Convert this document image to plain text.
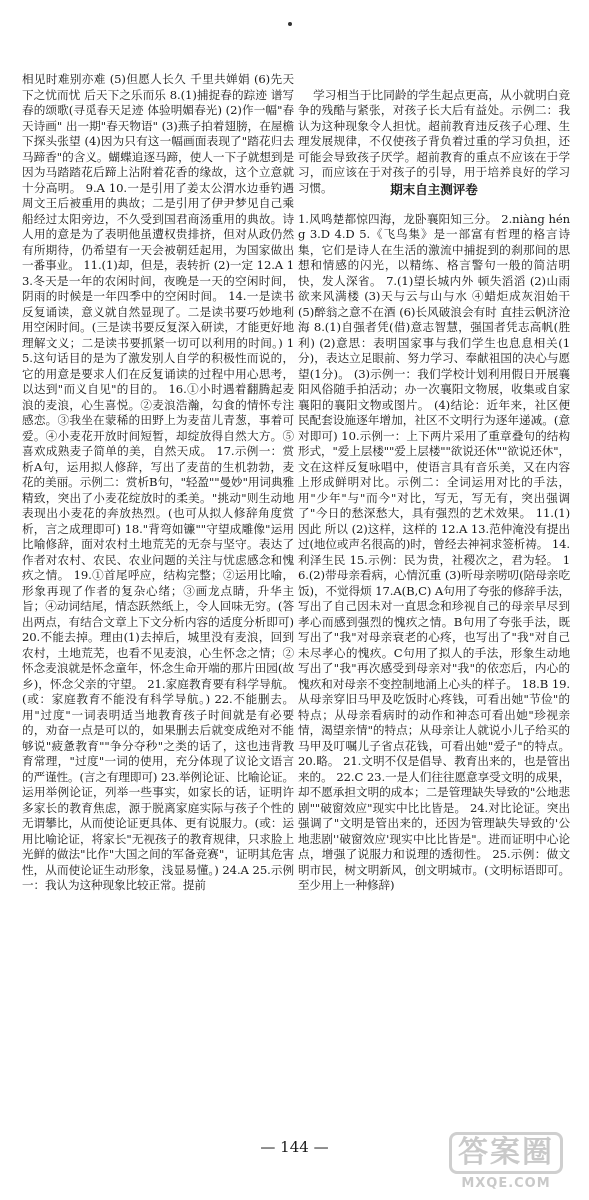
相见时难别亦难 (5)但愿人长久 千里共婵娟 (6)先天下之忧而忧 后天下之乐而乐 8.(1)捕捉春的踪迹 谱写春的颂歌(寻觅春天足迹 体验明媚春光) (2)作一幅"春天诗画" 出一期"春天物语" (3)燕子拍着翅膀，在屋檐下探头张望 (4)因为只有这一幅画面表现了"踏花归去马蹄香"的含义。蝴蝶追逐马蹄，使人一下子就想到是因为马踏踏花后蹄上沾附着花香的缘故，这个立意就十分高明。 9.A 10.一是引用了姜太公渭水边垂钓遇周文王后被重用的典故；二是引用了伊尹梦见自己乘船经过太阳旁边，不久受到国君商汤重用的典故。诗人用的意是为了表明他虽遭权贵排挤，但对从政仍然有所期待，仍希望有一天会被朝廷起用，为国家做出一番事业。 11.(1)却，但是，表转折 (2)一定 12.A 13.冬天是一年的农闲时间，夜晚是一天的空闲时间，阴雨的时候是一年四季中的空闲时间。 14.一是读书反复诵读，意义就自然显现了。二是读书要巧妙地利用空闲时间。(三是读书要反复深入研读，才能更好地理解文义；二是读书要抓紧一切可以利用的时间。) 15.这句话目的是为了激发别人自学的积极性而说的，它的用意是要求人们在反复诵读的过程中用心思考，以达到"而义自见"的目的。 16.①小时遇着翻腾起麦浪的麦浪，心生喜悦。②麦浪浩瀚，勾食的情怀专注感恋。③我坐在蒙稀的田野上为麦苗儿青葱，事着可爱。④小麦花开放时间短暂，却绽放得自然大方。⑤喜欢成熟麦子简单的美，自然天成。 17.示例一：赏析A句，运用拟人修辞，写出了麦苗的生机勃勃，麦花的美丽。示例二：赏析B句，"轻盈""曼妙"用词典雅精致，突出了小麦花绽放时的柔美。"挑动"则生动地表现出小麦花的奔放热烈。(也可从拟人修辞角度赏析，言之成理即可) 18."背弯如镰""守望成雕像"运用比喻修辞，面对农村土地荒芜的无奈与坚守。表达了作者对农村、农民、农业问题的关注与忧虑感念和愧疚之情。 19.①首尾呼应，结构完整；②运用比喻，形象再现了作者的复杂心绪；③画龙点睛，升华主旨；④动词结尾，情态跃然纸上，令人回味无穷。(答出两点，有结合文章上下文分析内容的适度分析即可) 20.不能去掉。理由(1)去掉后，城里没有麦浪，回到农村，土地荒芜，也看不见麦浪，心生怀念之情；②怀念麦浪就是怀念童年，怀念生命开端的那片田园(故乡)，怀念父亲的守望。 21.家庭教育要有科学导航。(或：家庭教育不能没有科学导航。) 22.不能删去。用"过度"一词表明适当地教育孩子时间就是有必要的，劝奋一点是可以的，如果删去后就变成绝对不能够说"疲惫教育""争分夺秒"之类的话了，这也违背教育常理，"过度"一词的使用，充分体现了议论文语言的严谨性。(言之有理即可) 23.举例论证、比喻论证。运用举例论证，列举一些事实，如家长的话，证明许多家长的教育焦虑，源于脱离家庭实际与孩子个性的无谓攀比，从而使论证更具体、更有说服力。(或：运用比喻论证，将家长"无视孩子的教育规律，只求脸上光鲜的做法"比作"大国之间的军备竞赛"，证明其危害性，从而使论证生动形象，浅显易懂。) 24.A 25.示例一：我认为这种现象比较正常。提前

学习相当于比同龄的学生起点更高，从小就明白竞争的残酷与紧张，对孩子长大后有益处。示例二：我认为这种现象令人担忧。超前教育违反孩子心理、生理发展规律，不仅使孩子背负着过重的学习负担，还可能会导致孩子厌学。超前教育的重点不应该在于学习，而应该在于对孩子的引导，用于培养良好的学习习惯。

1.风鸣楚都惊四海，龙卧襄阳知三分。 2.niàng héng 3.D 4.D 5.《飞鸟集》是一部富有哲理的格言诗集，它们是诗人在生活的激流中捕捉到的刹那间的思想和情感的闪光，以精练、格言警句一般的简洁明快，发人深省。 7.(1)望长城内外 顿失滔滔 (2)山雨欲来风满楼 (3)天与云与山与水 ④蜡炬成灰泪始干 (5)醉翁之意不在酒 (6)长风破浪会有时 直挂云帆济沧海 8.(1)自强者凭(借)意志智慧，强国者凭志高帆(胜利) (2)意思：表明国家事与我们学生也息息相关(1分)，表达立足眼前、努力学习、奉献祖国的决心与愿望(1分)。 (3)示例一：我们学校计划利用假日开展襄阳风俗随手拍活动；办一次襄阳文物展，收集或自家襄阳的襄阳文物或图片。 (4)结论：近年来，社区便民配套设施逐年增加，社区不文明行为逐年递减。(意对即可) 10.示例一：上下两片采用了重章叠句的结构形式，"爱上层楼""爱上层楼""欲说还休""欲说还休"，文在这样反复咏唱中，使语言具有音乐美，又在内容上形成鲜明对比。示例二：全词运用对比的手法，用"少年"与"而今"对比，写无，写无有，突出强调了"今日的愁深愁大，具有强烈的艺术效果。 11.(1)因此 所以 (2)这样，这样的 12.A 13.范仲淹没有提出过(地位或声名很高的)时，曾经去神祠求签析祷。 14.利泽生民 15.示例：民为贵，社稷次之，君为轻。 16.(2)带母亲看病，心情沉重 (3)听母亲唠叨(陪母亲吃饭)，不觉得烦 17.A(B,C) A句用了夸张的修辞手法，写出了自己因未对一直思念和珍视自己的母亲早尽到孝心而感到强烈的愧疚之情。B句用了夸张手法，既写出了"我"对母亲衰老的心疼，也写出了"我"对自己未尽孝心的愧疚。C句用了拟人的手法，形象生动地写出了"我"再次感受到母亲对"我"的依恋后，内心的愧疚和对母亲不变控制地涌上心头的样子。 18.B 19.从母亲穿旧马甲及吃饭时心疼钱，可看出她"节俭"的特点；从母亲看病时的动作和神态可看出她"珍视亲情，渴望亲情"的特点；从母亲让人就说小儿子给买的马甲及叮嘱儿子省点花钱，可看出她"爱子"的特点。 20.略。 21.文明不仅是倡导、教育出来的，也是管出来的。 22.C 23.一是人们往往愿意享受文明的成果，却不愿承担文明的成本；二是管理缺失导致的"公地悲剧""破窗效应"现实中比比皆是。 24.对比论证。突出强调了"文明是管出来的，还因为管理缺失导致的'公地悲剧''破窗效应'现实中比比皆是"。进而证明中心论点，增强了说服力和说理的透彻性。 25.示例：做文明市民，树文明新风，创文明城市。(文明标语即可。至少用上一种修辞)

期末自主测评卷
— 144 —	答案圈
MXQE.COM
